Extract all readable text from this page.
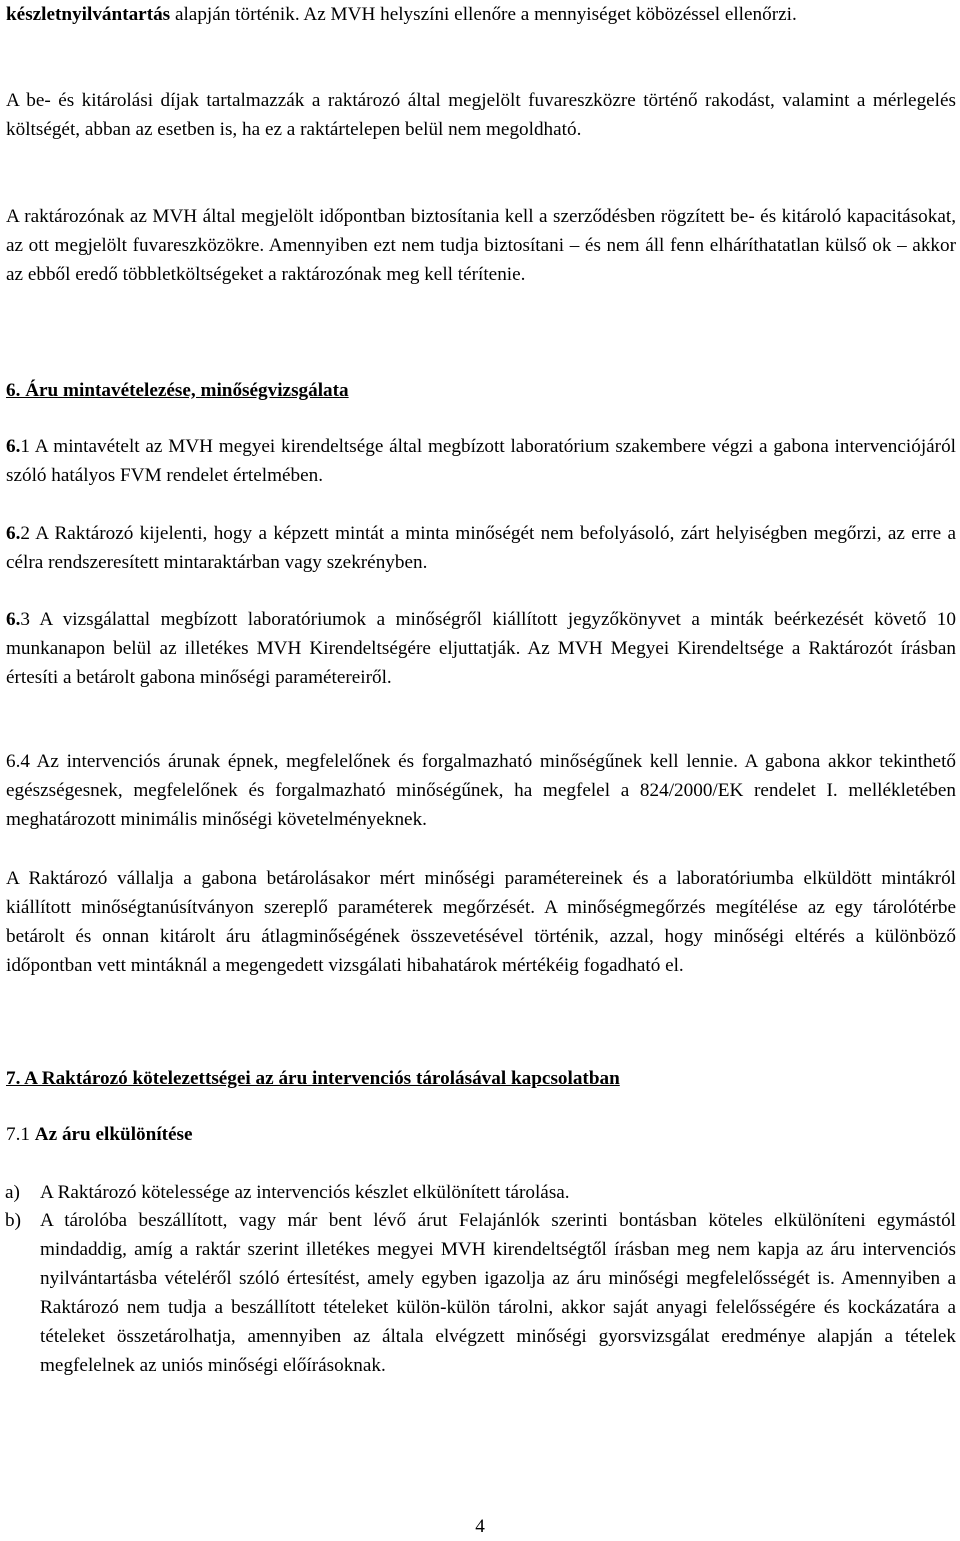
készletnyilvántartás alapján történik. Az MVH helyszíni ellenőre a mennyiséget köbözéssel ellenőrzi.

A be- és kitárolási díjak tartalmazzák a raktározó által megjelölt fuvareszközre történő rakodást, valamint a mérlegelés költségét, abban az esetben is, ha ez a raktártelepen belül nem megoldható.

A raktározónak az MVH által megjelölt időpontban biztosítania kell a szerződésben rögzített be- és kitároló kapacitásokat, az ott megjelölt fuvareszközökre. Amennyiben ezt nem tudja biztosítani – és nem áll fenn elháríthatatlan külső ok – akkor az ebből eredő többletköltségeket a raktározónak meg kell térítenie.

6. Áru mintavételezése, minőségvizsgálata

6.1 A mintavételt az MVH megyei kirendeltsége által megbízott laboratórium szakembere végzi a gabona intervenciójáról szóló hatályos FVM rendelet értelmében.

6.2 A Raktározó kijelenti, hogy a képzett mintát a minta minőségét nem befolyásoló, zárt helyiségben megőrzi, az erre a célra rendszeresített mintaraktárban vagy szekrényben.

6.3 A vizsgálattal megbízott laboratóriumok a minőségről kiállított jegyzőkönyvet a minták beérkezését követő 10 munkanapon belül az illetékes MVH Kirendeltségére eljuttatják. Az MVH Megyei Kirendeltsége a Raktározót írásban értesíti a betárolt gabona minőségi paramétereiről.

6.4 Az intervenciós árunak épnek, megfelelőnek és forgalmazható minőségűnek kell lennie. A gabona akkor tekinthető egészségesnek, megfelelőnek és forgalmazható minőségűnek, ha megfelel a 824/2000/EK rendelet I. mellékletében meghatározott minimális minőségi követelményeknek.

A Raktározó vállalja a gabona betárolásakor mért minőségi paramétereinek és a laboratóriumba elküldött mintákról kiállított minőségtanúsítványon szereplő paraméterek megőrzését. A minőségmegőrzés megítélése az egy tárolótérbe betárolt és onnan kitárolt áru átlagminőségének összevetésével történik, azzal, hogy minőségi eltérés a különböző időpontban vett mintáknál a megengedett vizsgálati hibahatárok mértékéig fogadható el.

7. A Raktározó kötelezettségei az áru intervenciós tárolásával kapcsolatban

7.1 Az áru elkülönítése

a)	A Raktározó kötelessége az intervenciós készlet elkülönített tárolása.
b) A tárolóba beszállított, vagy már bent lévő árut Felajánlók szerinti bontásban köteles elkülöníteni egymástól mindaddig, amíg a raktár szerint illetékes megyei MVH kirendeltségtől írásban meg nem kapja az áru intervenciós nyilvántartásba vételéről szóló értesítést, amely egyben igazolja az áru minőségi megfelelősségét is. Amennyiben a Raktározó nem tudja a beszállított tételeket külön-külön tárolni, akkor saját anyagi felelősségére és kockázatára a tételeket összetárolhatja, amennyiben az általa elvégzett minőségi gyorsvizsgálat eredménye alapján a tételek megfelelnek az uniós minőségi előírásoknak.
4
